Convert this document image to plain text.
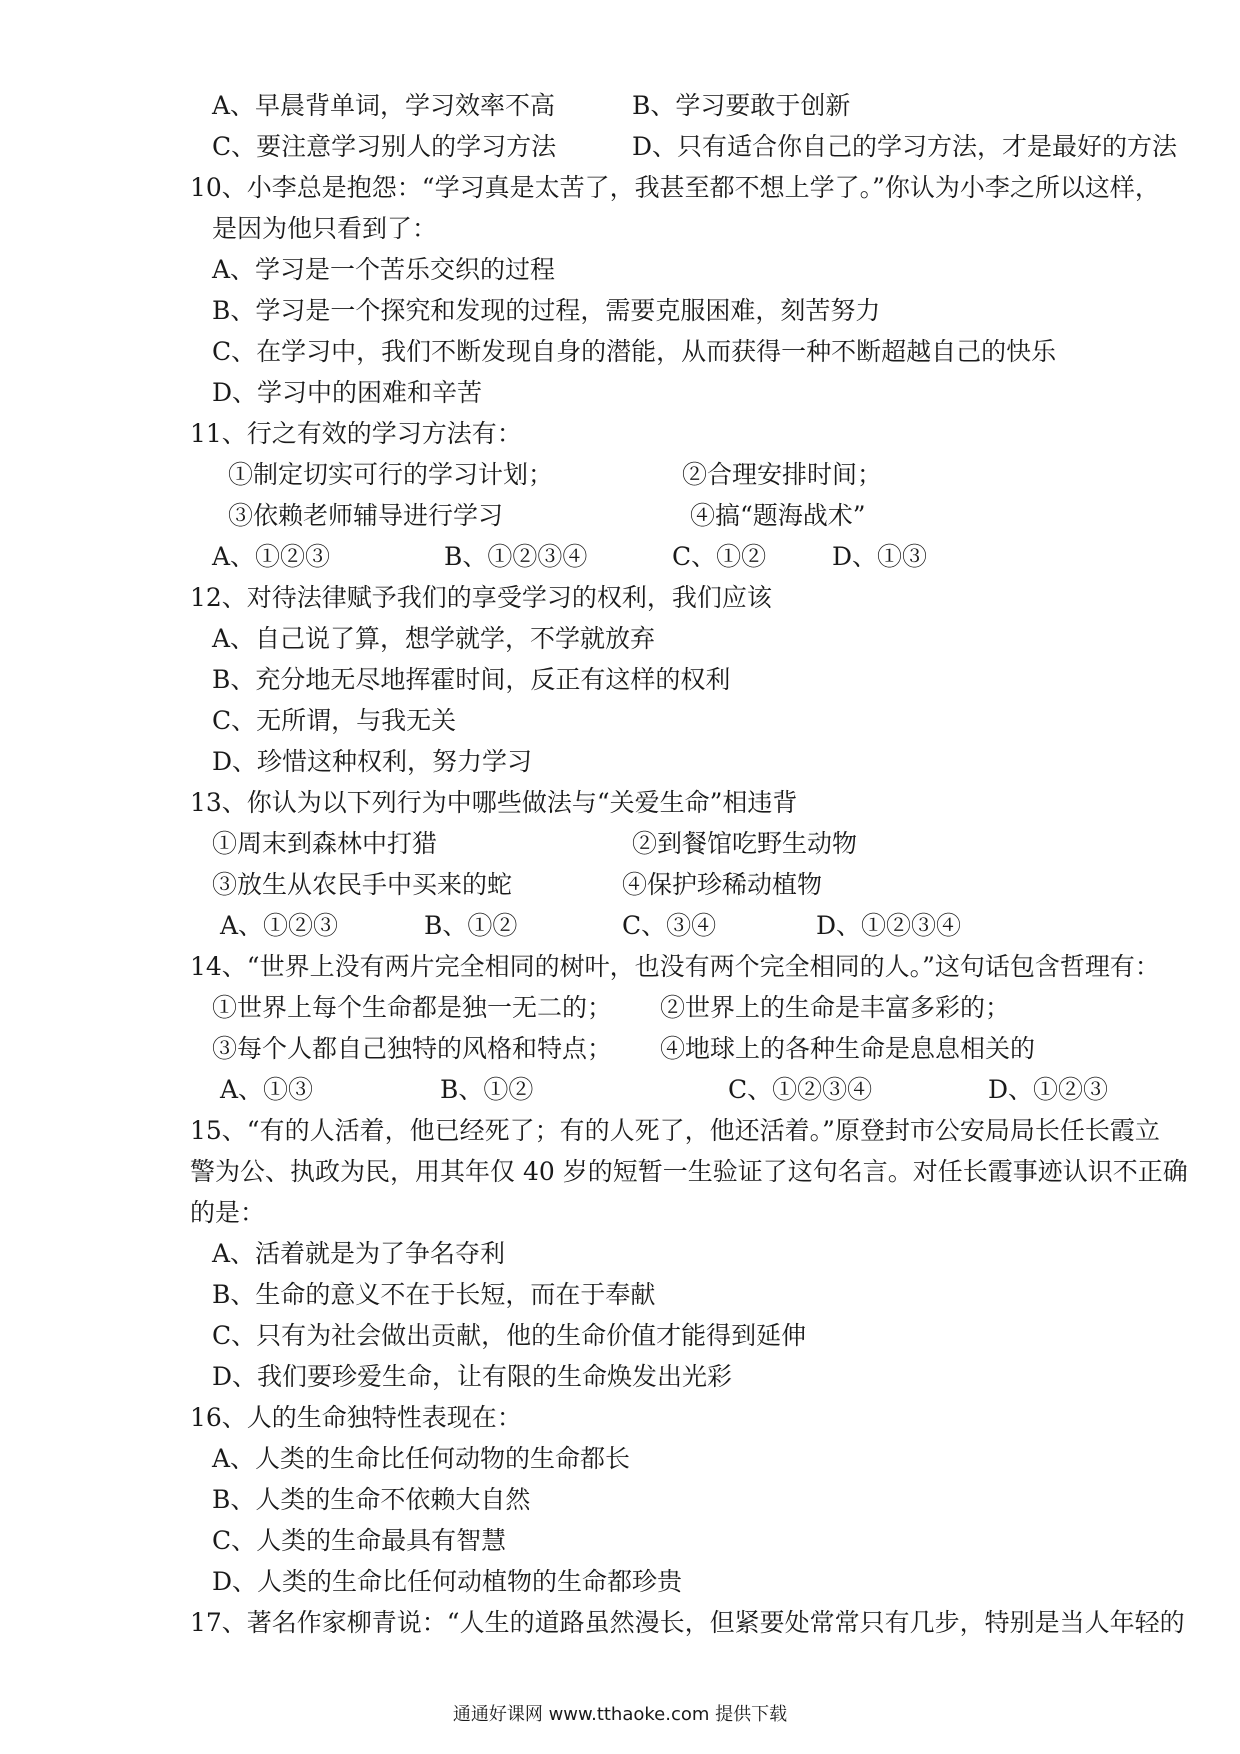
A、早晨背单词，学习效率不高	B、学习要敢于创新
C、要注意学习别人的学习方法	D、只有适合你自己的学习方法，才是最好的方法
10、小李总是抱怨：“学习真是太苦了，我甚至都不想上学了。”你认为小李之所以这样，
是因为他只看到了：
A、学习是一个苦乐交织的过程
B、学习是一个探究和发现的过程，需要克服困难，刻苦努力
C、在学习中，我们不断发现自身的潜能，从而获得一种不断超越自己的快乐
D、学习中的困难和辛苦
11、行之有效的学习方法有：
①制定切实可行的学习计划；	②合理安排时间；
③依赖老师辅导进行学习	④搞“题海战术”
A、①②③	B、①②③④	C、①②	D、①③
12、对待法律赋予我们的享受学习的权利，我们应该
A、自己说了算，想学就学，不学就放弃
B、充分地无尽地挥霍时间，反正有这样的权利
C、无所谓，与我无关
D、珍惜这种权利，努力学习
13、你认为以下列行为中哪些做法与“关爱生命”相违背
①周末到森林中打猎	②到餐馆吃野生动物
③放生从农民手中买来的蛇	④保护珍稀动植物
A、①②③	B、①②	C、③④	D、①②③④
14、“世界上没有两片完全相同的树叶，也没有两个完全相同的人。”这句话包含哲理有：
①世界上每个生命都是独一无二的； ②世界上的生命是丰富多彩的；
③每个人都自己独特的风格和特点； ④地球上的各种生命是息息相关的
A、①③	B、①②	C、①②③④	D、①②③
15、“有的人活着，他已经死了；有的人死了，他还活着。”原登封市公安局局长任长霞立
警为公、执政为民，用其年仅 40 岁的短暂一生验证了这句名言。对任长霞事迹认识不正确
的是：
A、活着就是为了争名夺利
B、生命的意义不在于长短，而在于奉献
C、只有为社会做出贡献，他的生命价值才能得到延伸
D、我们要珍爱生命，让有限的生命焕发出光彩
16、人的生命独特性表现在：
A、人类的生命比任何动物的生命都长
B、人类的生命不依赖大自然
C、人类的生命最具有智慧
D、人类的生命比任何动植物的生命都珍贵
17、著名作家柳青说：“人生的道路虽然漫长，但紧要处常常只有几步，特别是当人年轻的
通通好课网 www.tthaoke.com 提供下载
